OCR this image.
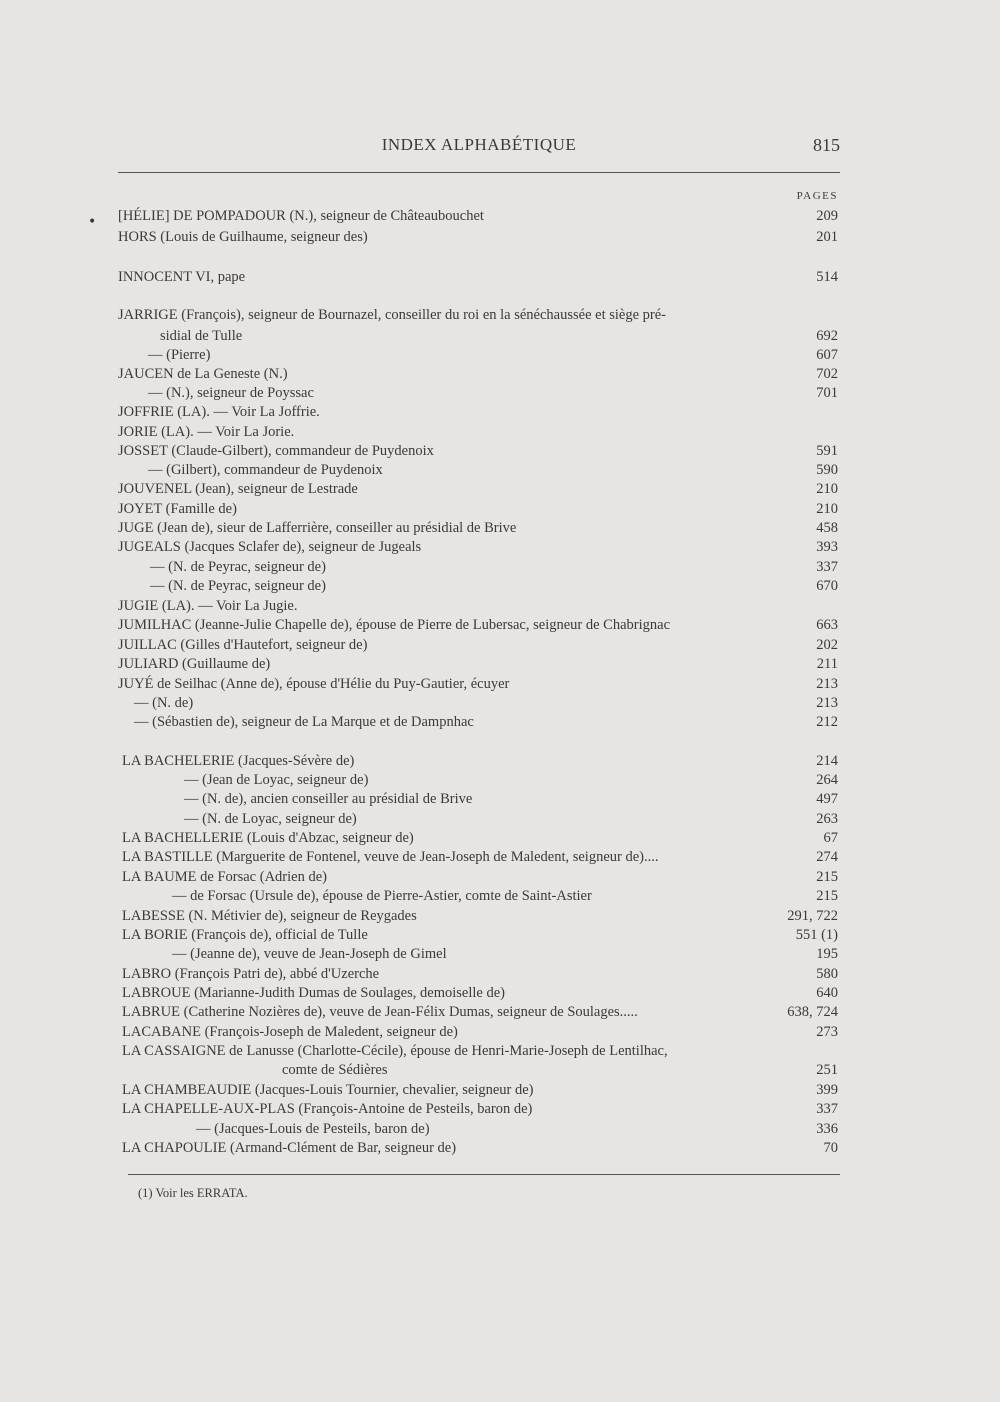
INDEX ALPHABÉTIQUE	815
PAGES
• [HÉLIE] DE POMPADOUR (N.), seigneur de Châteaubouchet	209
HORS (Louis de Guilhaume, seigneur des)	201
INNOCENT VI, pape	514
JARRIGE (François), seigneur de Bournazel, conseiller du roi en la sénéchaussée et siège pré-
sidial de Tulle	692
— (Pierre)	607
JAUCEN de La Geneste (N.)	702
— (N.), seigneur de Poyssac	701
JOFFRIE (LA). — Voir La Joffrie.
JORIE (LA). — Voir La Jorie.
JOSSET (Claude-Gilbert), commandeur de Puydenoix	591
— (Gilbert), commandeur de Puydenoix	590
JOUVENEL (Jean), seigneur de Lestrade	210
JOYET (Famille de)	210
JUGE (Jean de), sieur de Lafferrière, conseiller au présidial de Brive	458
JUGEALS (Jacques Sclafer de), seigneur de Jugeals	393
— (N. de Peyrac, seigneur de)	337
— (N. de Peyrac, seigneur de)	670
JUGIE (LA). — Voir La Jugie.
JUMILHAC (Jeanne-Julie Chapelle de), épouse de Pierre de Lubersac, seigneur de Chabrignac	663
JUILLAC (Gilles d'Hautefort, seigneur de)	202
JULIARD (Guillaume de)	211
JUYÉ de Seilhac (Anne de), épouse d'Hélie du Puy-Gautier, écuyer	213
— (N. de)	213
— (Sébastien de), seigneur de La Marque et de Dampnhac	212
LA BACHELERIE (Jacques-Sévère de)	214
— (Jean de Loyac, seigneur de)	264
— (N. de), ancien conseiller au présidial de Brive	497
— (N. de Loyac, seigneur de)	263
LA BACHELLERIE (Louis d'Abzac, seigneur de)	67
LA BASTILLE (Marguerite de Fontenel, veuve de Jean-Joseph de Maledent, seigneur de)....	274
LA BAUME de Forsac (Adrien de)	215
— de Forsac (Ursule de), épouse de Pierre-Astier, comte de Saint-Astier	215
LABESSE (N. Métivier de), seigneur de Reygades	291, 722
LA BORIE (François de), official de Tulle	551 (1)
— (Jeanne de), veuve de Jean-Joseph de Gimel	195
LABRO (François Patri de), abbé d'Uzerche	580
LABROUE (Marianne-Judith Dumas de Soulages, demoiselle de)	640
LABRUE (Catherine Nozières de), veuve de Jean-Félix Dumas, seigneur de Soulages.....	638, 724
LACABANE (François-Joseph de Maledent, seigneur de)	273
LA CASSAIGNE de Lanusse (Charlotte-Cécile), épouse de Henri-Marie-Joseph de Lentilhac,
comte de Sédières	251
LA CHAMBEAUDIE (Jacques-Louis Tournier, chevalier, seigneur de)	399
LA CHAPELLE-AUX-PLAS (François-Antoine de Pesteils, baron de)	337
— (Jacques-Louis de Pesteils, baron de)	336
LA CHAPOULIE (Armand-Clément de Bar, seigneur de)	70
(1) Voir les ERRATA.
